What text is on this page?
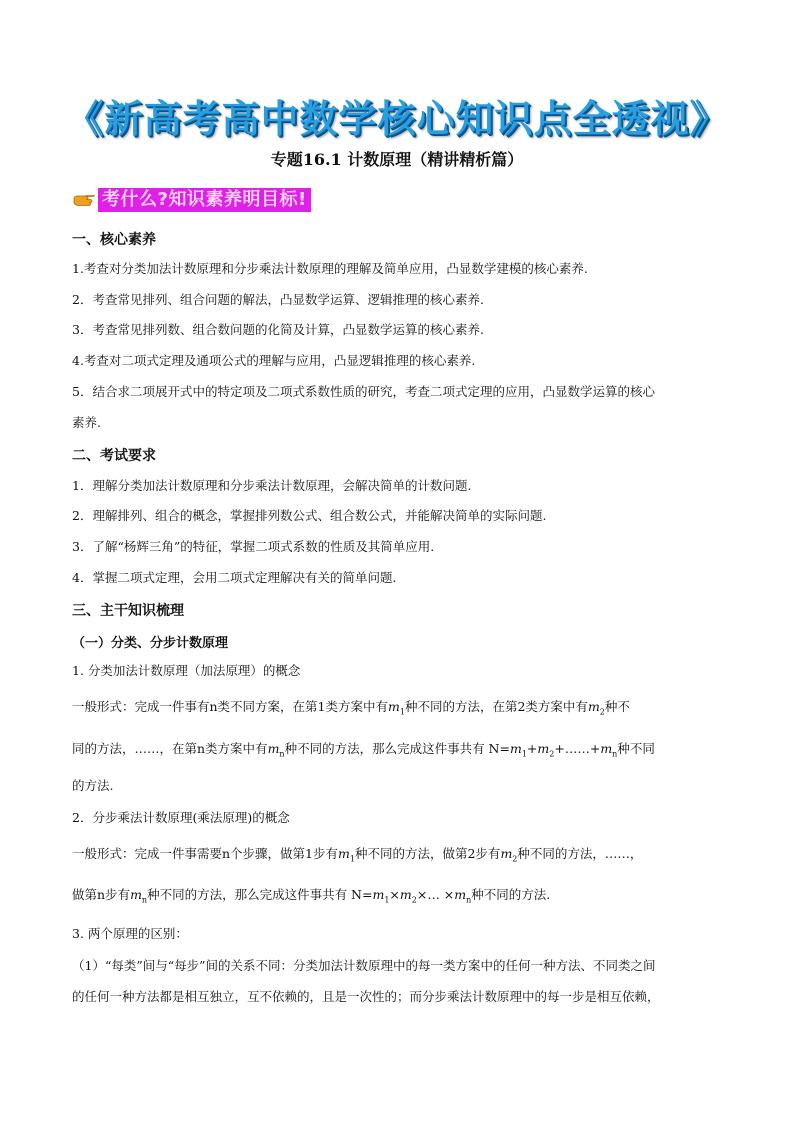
《新高考高中数学核心知识点全透视》
专题16.1 计数原理（精讲精析篇）
考什么?知识素养明目标!
一、核心素养
1.考查对分类加法计数原理和分步乘法计数原理的理解及简单应用，凸显数学建模的核心素养.
2．考查常见排列、组合问题的解法，凸显数学运算、逻辑推理的核心素养.
3．考查常见排列数、组合数问题的化简及计算，凸显数学运算的核心素养.
4.考查对二项式定理及通项公式的理解与应用，凸显逻辑推理的核心素养.
5．结合求二项展开式中的特定项及二项式系数性质的研究，考查二项式定理的应用，凸显数学运算的核心
素养.
二、考试要求
1．理解分类加法计数原理和分步乘法计数原理，会解决简单的计数问题.
2．理解排列、组合的概念，掌握排列数公式、组合数公式，并能解决简单的实际问题.
3．了解“杨辉三角”的特征，掌握二项式系数的性质及其简单应用.
4．掌握二项式定理，会用二项式定理解决有关的简单问题.
三、主干知识梳理
（一）分类、分步计数原理
1. 分类加法计数原理（加法原理）的概念
一般形式：完成一件事有n类不同方案，在第1类方案中有$m_1$种不同的方法，在第2类方案中有$m_2$种不
同的方法，……，在第n类方案中有$m_n$种不同的方法，那么完成这件事共有 $N=m_1+m_2+\dots\dots+m_n$种不同
的方法.
2．分步乘法计数原理(乘法原理)的概念
一般形式：完成一件事需要n个步骤，做第1步有$m_1$种不同的方法，做第2步有$m_2$种不同的方法，……，
做第n步有$m_n$种不同的方法，那么完成这件事共有 $N=m_1\times m_2\times\dots \times m_n$种不同的方法.
3. 两个原理的区别：
（1）“每类”间与“每步”间的关系不同：分类加法计数原理中的每一类方案中的任何一种方法、不同类之间
的任何一种方法都是相互独立，互不依赖的，且是一次性的；而分步乘法计数原理中的每一步是相互依赖，
